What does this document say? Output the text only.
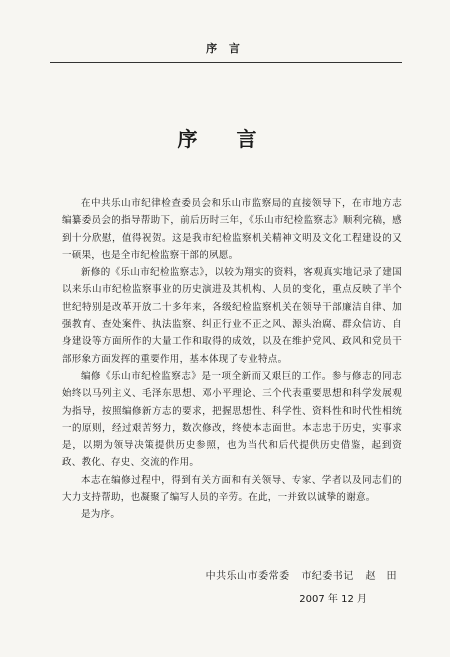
序 言
序 言

在中共乐山市纪律检查委员会和乐山市监察局的直接领导下，在市地方志编纂委员会的指导帮助下，前后历时三年，《乐山市纪检监察志》顺利完稿，感到十分欣慰，值得祝贺。这是我市纪检监察机关精神文明及文化工程建设的又一硕果，也是全市纪检监察干部的夙愿。

新修的《乐山市纪检监察志》，以较为翔实的资料，客观真实地记录了建国以来乐山市纪检监察事业的历史演进及其机构、人员的变化，重点反映了半个世纪特别是改革开放二十多年来，各级纪检监察机关在领导干部廉洁自律、加强教育、查处案件、执法监察、纠正行业不正之风、源头治腐、群众信访、自身建设等方面所作的大量工作和取得的成效，以及在维护党风、政风和党员干部形象方面发挥的重要作用，基本体现了专业特点。

编修《乐山市纪检监察志》是一项全新而又艰巨的工作。参与修志的同志始终以马列主义、毛泽东思想、邓小平理论、三个代表重要思想和科学发展观为指导，按照编修新方志的要求，把握思想性、科学性、资料性和时代性相统一的原则，经过艰苦努力，数次修改，终使本志面世。本志忠于历史，实事求是，以期为领导决策提供历史参照，也为当代和后代提供历史借鉴，起到资政、教化、存史、交流的作用。

本志在编修过程中，得到有关方面和有关领导、专家、学者以及同志们的大力支持帮助，也凝聚了编写人员的辛劳。在此，一并致以诚挚的谢意。

是为序。

中共乐山市委常委 市纪委书记 赵　田
2007 年 12 月
